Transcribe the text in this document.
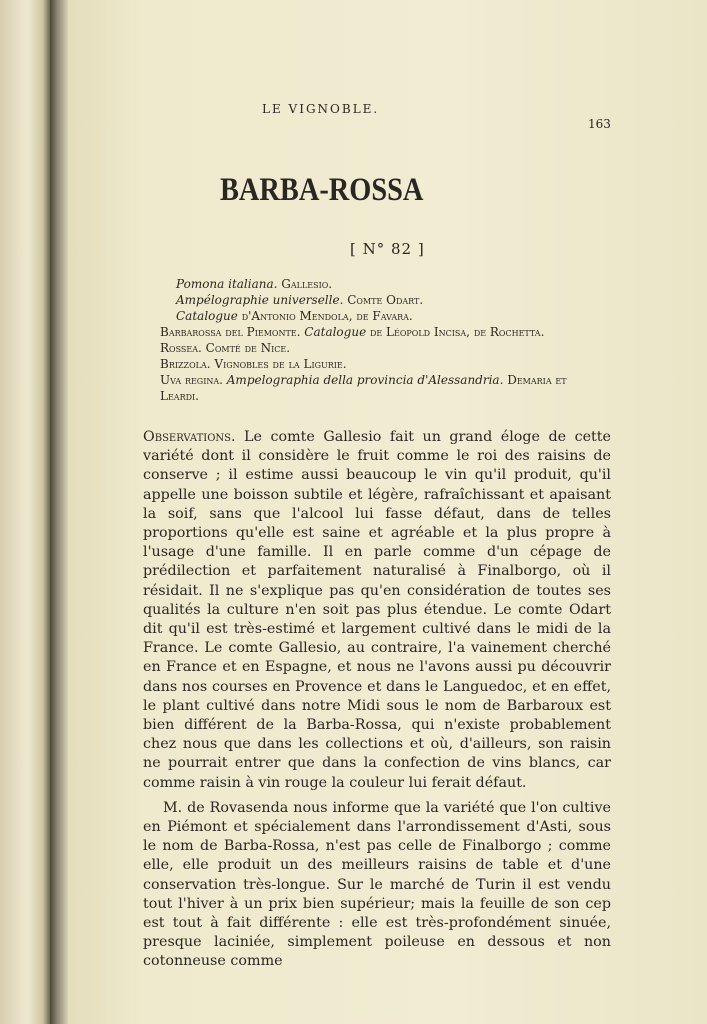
LE VIGNOBLE.
163
BARBA-ROSSA
[ N° 82 ]
Pomona italiana. Gallesio.
Ampélographie universelle. Comte Odart.
Catalogue d'Antonio Mendola, de Favara.
Barbarossa del Piemonte. Catalogue de Léopold Incisa, de Rochetta.
Rossea. Comté de Nice.
Brizzola. Vignobles de la Ligurie.
Uva regina. Ampelographia della provincia d'Alessandria. Demaria et
Leardi.

Observations. Le comte Gallesio fait un grand éloge de cette variété dont il considère le fruit comme le roi des raisins de conserve ; il estime aussi beaucoup le vin qu'il produit, qu'il appelle une boisson subtile et légère, rafraîchissant et apaisant la soif, sans que l'alcool lui fasse défaut, dans de telles proportions qu'elle est saine et agréable et la plus propre à l'usage d'une famille. Il en parle comme d'un cépage de prédilection et parfaitement naturalisé à Finalborgo, où il résidait. Il ne s'explique pas qu'en considération de toutes ses qualités la culture n'en soit pas plus étendue. Le comte Odart dit qu'il est très-estimé et largement cultivé dans le midi de la France. Le comte Gallesio, au contraire, l'a vainement cherché en France et en Espagne, et nous ne l'avons aussi pu découvrir dans nos courses en Provence et dans le Languedoc, et en effet, le plant cultivé dans notre Midi sous le nom de Barbaroux est bien différent de la Barba-Rossa, qui n'existe probablement chez nous que dans les collections et où, d'ailleurs, son raisin ne pourrait entrer que dans la confection de vins blancs, car comme raisin à vin rouge la couleur lui ferait défaut.

M. de Rovasenda nous informe que la variété que l'on cultive en Piémont et spécialement dans l'arrondissement d'Asti, sous le nom de Barba-Rossa, n'est pas celle de Finalborgo ; comme elle, elle produit un des meilleurs raisins de table et d'une conservation très-longue. Sur le marché de Turin il est vendu tout l'hiver à un prix bien supérieur; mais la feuille de son cep est tout à fait différente : elle est très-profondément sinuée, presque laciniée, simplement poileuse en dessous et non cotonneuse comme
